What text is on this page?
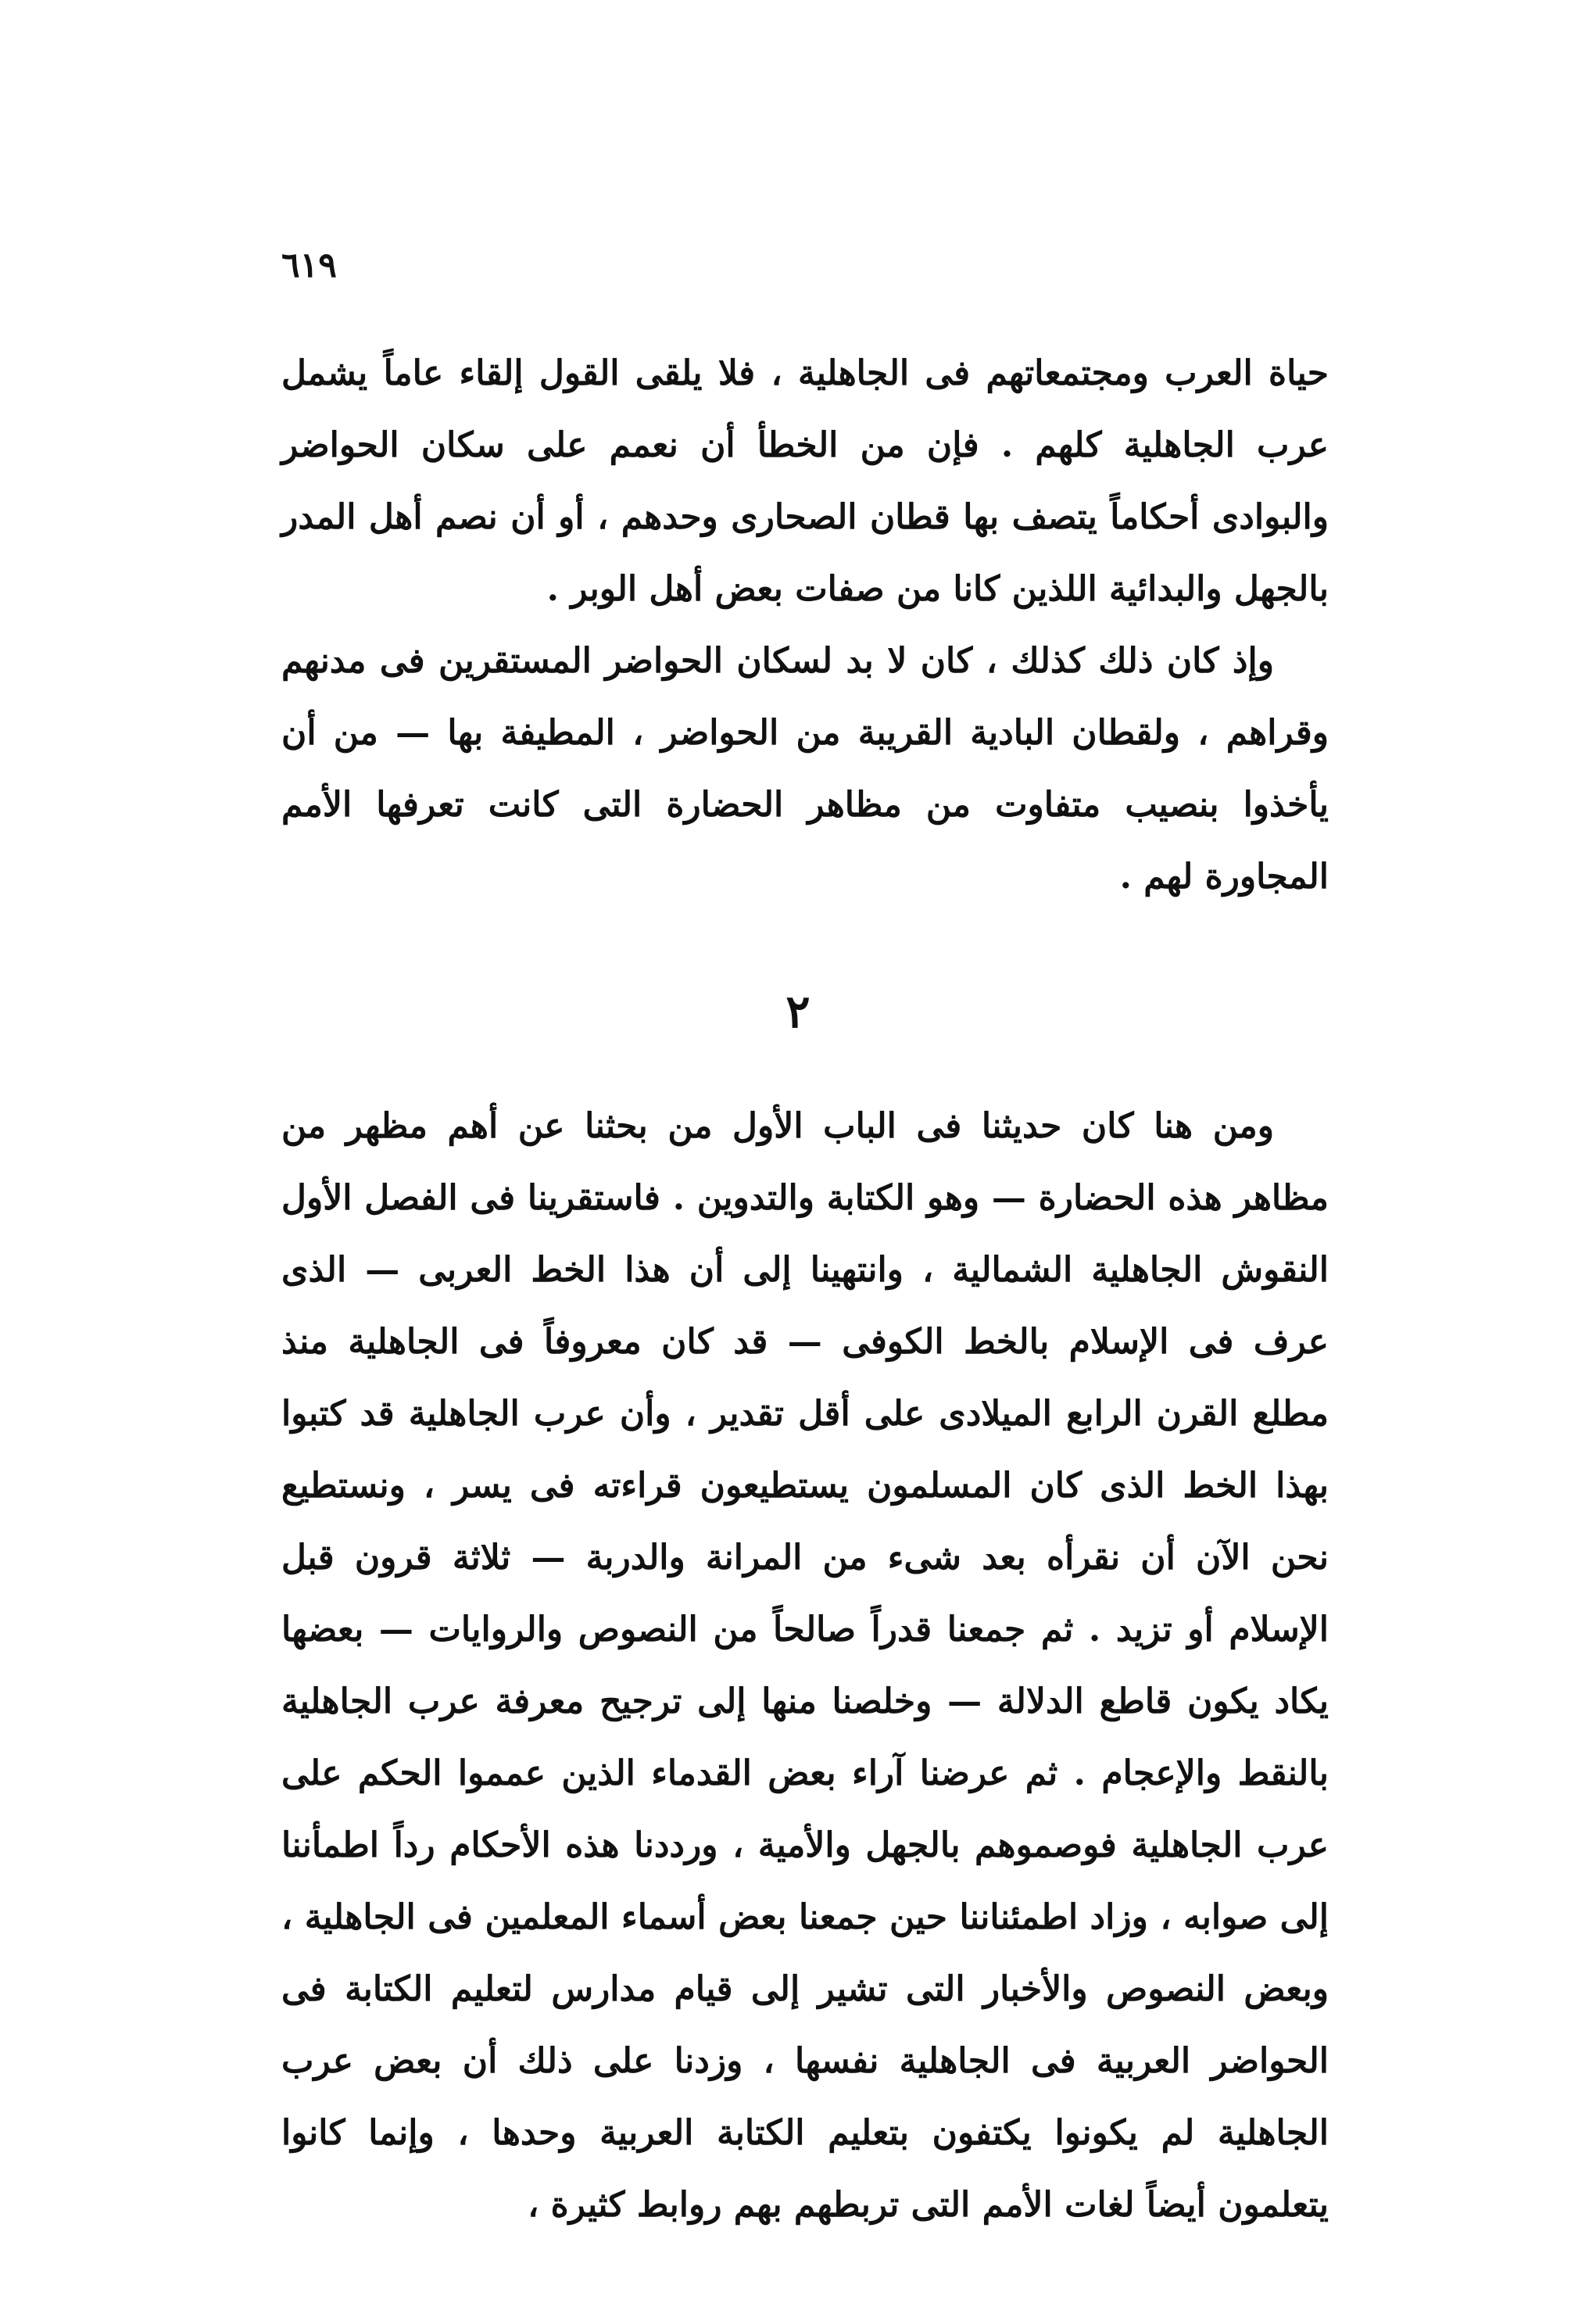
٦١٩

حياة العرب ومجتمعاتهم فى الجاهلية ، فلا يلقى القول إلقاء عاماً يشمل عرب الجاهلية كلهم . فإن من الخطأ أن نعمم على سكان الحواضر والبوادى أحكاماً يتصف بها قطان الصحارى وحدهم ، أو أن نصم أهل المدر بالجهل والبدائية اللذين كانا من صفات بعض أهل الوبر .

وإذ كان ذلك كذلك ، كان لا بد لسكان الحواضر المستقرين فى مدنهم وقراهم ، ولقطان البادية القريبة من الحواضر ، المطيفة بها — من أن يأخذوا بنصيب متفاوت من مظاهر الحضارة التى كانت تعرفها الأمم المجاورة لهم .

٢

ومن هنا كان حديثنا فى الباب الأول من بحثنا عن أهم مظهر من مظاهر هذه الحضارة — وهو الكتابة والتدوين . فاستقرينا فى الفصل الأول النقوش الجاهلية الشمالية ، وانتهينا إلى أن هذا الخط العربى — الذى عرف فى الإسلام بالخط الكوفى — قد كان معروفاً فى الجاهلية منذ مطلع القرن الرابع الميلادى على أقل تقدير ، وأن عرب الجاهلية قد كتبوا بهذا الخط الذى كان المسلمون يستطيعون قراءته فى يسر ، ونستطيع نحن الآن أن نقرأه بعد شىء من المرانة والدربة — ثلاثة قرون قبل الإسلام أو تزيد . ثم جمعنا قدراً صالحاً من النصوص والروايات — بعضها يكاد يكون قاطع الدلالة — وخلصنا منها إلى ترجيح معرفة عرب الجاهلية بالنقط والإعجام . ثم عرضنا آراء بعض القدماء الذين عمموا الحكم على عرب الجاهلية فوصموهم بالجهل والأمية ، ورددنا هذه الأحكام رداً اطمأننا إلى صوابه ، وزاد اطمئناننا حين جمعنا بعض أسماء المعلمين فى الجاهلية ، وبعض النصوص والأخبار التى تشير إلى قيام مدارس لتعليم الكتابة فى الحواضر العربية فى الجاهلية نفسها ، وزدنا على ذلك أن بعض عرب الجاهلية لم يكونوا يكتفون بتعليم الكتابة العربية وحدها ، وإنما كانوا يتعلمون أيضاً لغات الأمم التى تربطهم بهم روابط كثيرة ،
